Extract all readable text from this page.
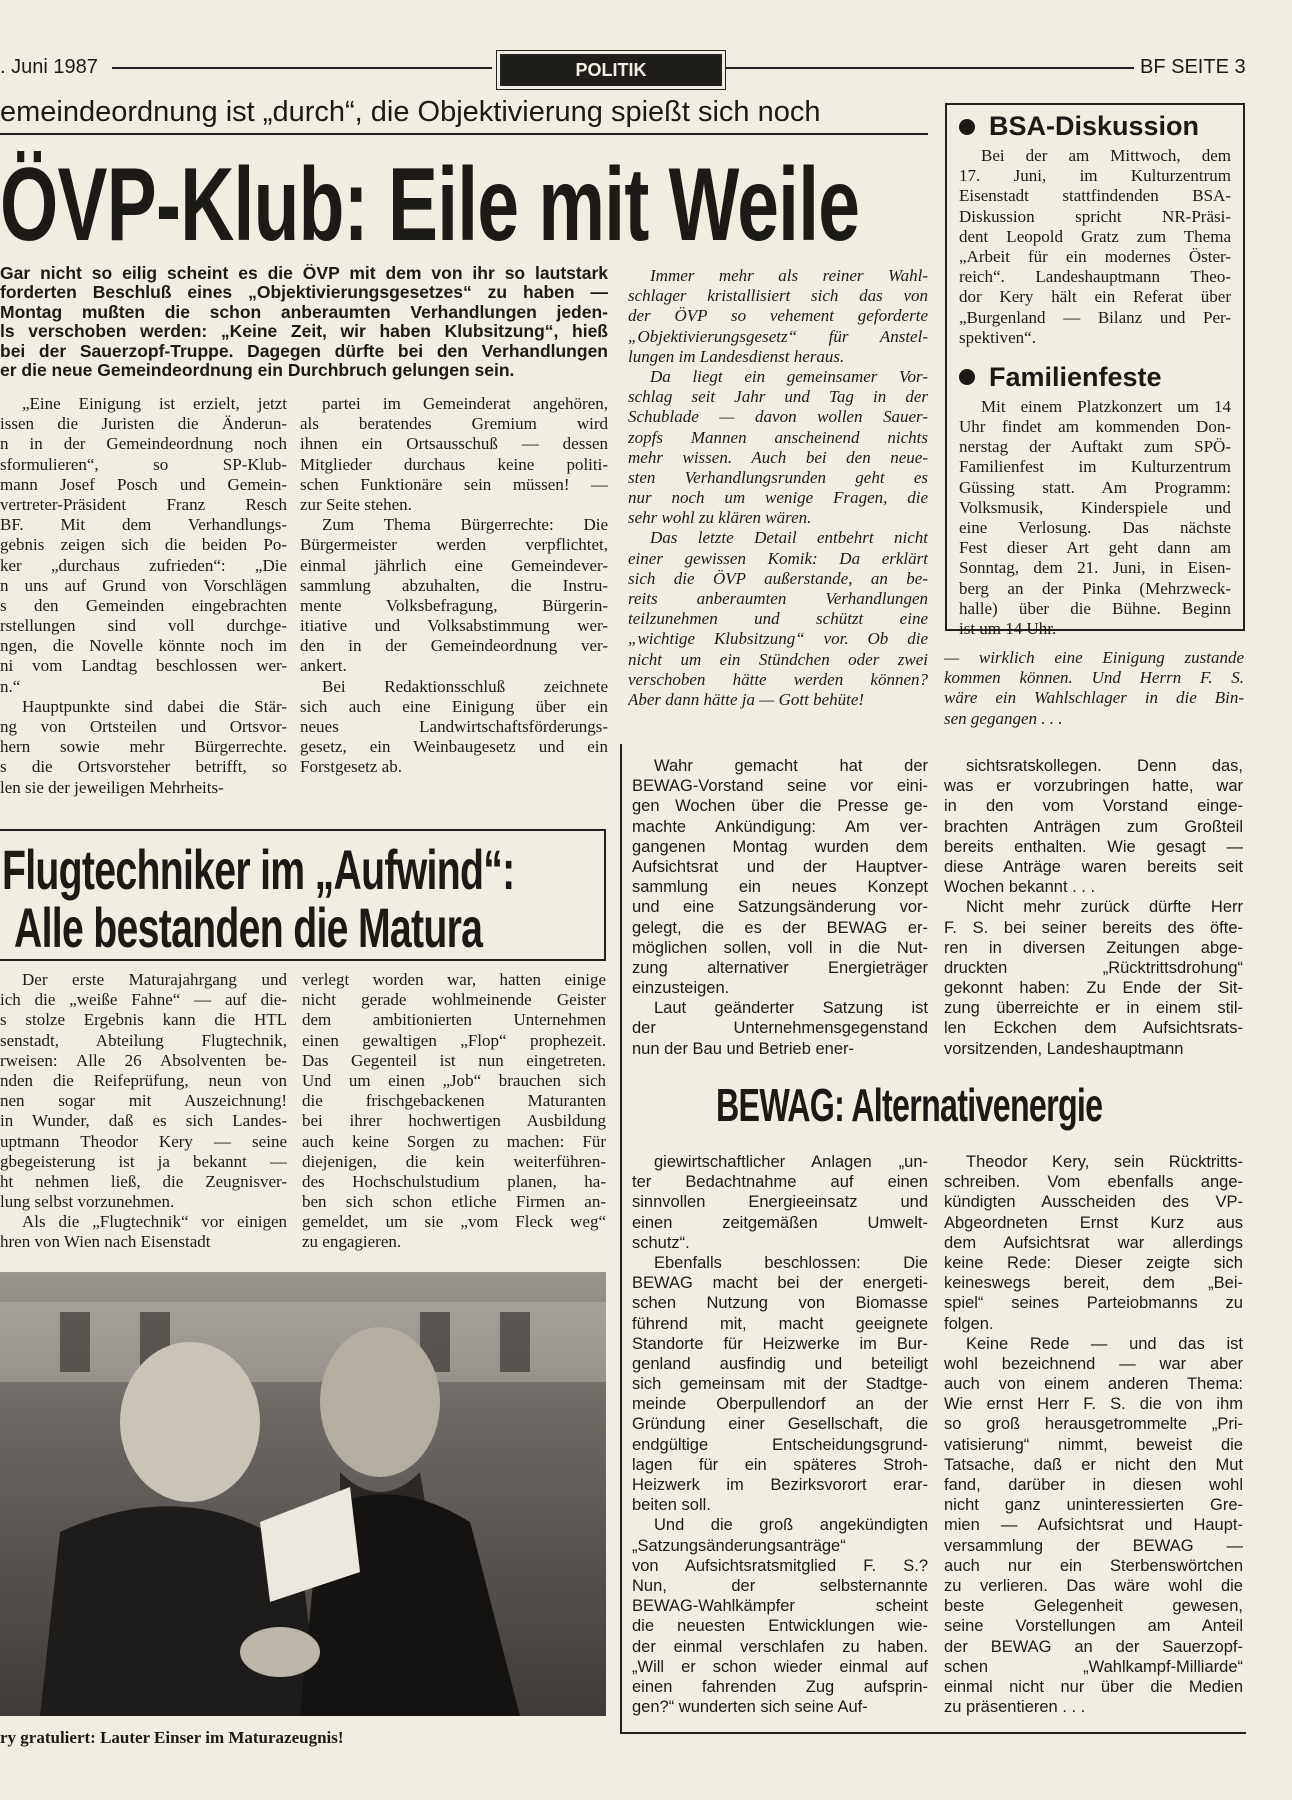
. Juni 1987	POLITIK	BF SEITE 3
emeindeordnung ist „durch“, die Objektivierung spießt sich noch
ÖVP-Klub: Eile mit Weile
Gar nicht so eilig scheint es die ÖVP mit dem von ihr so lautstark
forderten Beschluß eines „Objektivierungsgesetzes“ zu haben —
Montag mußten die schon anberaumten Verhandlungen jeden-
ls verschoben werden: „Keine Zeit, wir haben Klubsitzung“, hieß
bei der Sauerzopf-Truppe. Dagegen dürfte bei den Verhandlungen
er die neue Gemeindeordnung ein Durchbruch gelungen sein.
„Eine Einigung ist erzielt, jetzt
issen die Juristen die Änderun-
n in der Gemeindeordnung noch
sformulieren“, so SP-Klub-
mann Josef Posch und Gemein-
vertreter-Präsident Franz Resch
BF. Mit dem Verhandlungs-
gebnis zeigen sich die beiden Po-
ker „durchaus zufrieden“: „Die
n uns auf Grund von Vorschlägen
s den Gemeinden eingebrachten
rstellungen sind voll durchge-
ngen, die Novelle könnte noch im
ni vom Landtag beschlossen wer-
n.“
Hauptpunkte sind dabei die Stär-
ng von Ortsteilen und Ortsvor-
hern sowie mehr Bürgerrechte.
s die Ortsvorsteher betrifft, so
len sie der jeweiligen Mehrheits-
partei im Gemeinderat angehören,
als beratendes Gremium wird
ihnen ein Ortsausschuß — dessen
Mitglieder durchaus keine politi-
schen Funktionäre sein müssen! —
zur Seite stehen.
Zum Thema Bürgerrechte: Die
Bürgermeister werden verpflichtet,
einmal jährlich eine Gemeindever-
sammlung abzuhalten, die Instru-
mente Volksbefragung, Bürgerin-
itiative und Volksabstimmung wer-
den in der Gemeindeordnung ver-
ankert.
Bei Redaktionsschluß zeichnete
sich auch eine Einigung über ein
neues Landwirtschaftsförderungs-
gesetz, ein Weinbaugesetz und ein
Forstgesetz ab.
Immer mehr als reiner Wahl-
schlager kristallisiert sich das von
der ÖVP so vehement geforderte
„Objektivierungsgesetz“ für Anstel-
lungen im Landesdienst heraus.
Da liegt ein gemeinsamer Vor-
schlag seit Jahr und Tag in der
Schublade — davon wollen Sauer-
zopfs Mannen anscheinend nichts
mehr wissen. Auch bei den neue-
sten Verhandlungsrunden geht es
nur noch um wenige Fragen, die
sehr wohl zu klären wären.
Das letzte Detail entbehrt nicht
einer gewissen Komik: Da erklärt
sich die ÖVP außerstande, an be-
reits anberaumten Verhandlungen
teilzunehmen und schützt eine
„wichtige Klubsitzung“ vor. Ob die
nicht um ein Stündchen oder zwei
verschoben hätte werden können?
Aber dann hätte ja — Gott behüte!
BSA-Diskussion
Bei der am Mittwoch, dem
17. Juni, im Kulturzentrum
Eisenstadt stattfindenden BSA-
Diskussion spricht NR-Präsi-
dent Leopold Gratz zum Thema
„Arbeit für ein modernes Öster-
reich“. Landeshauptmann Theo-
dor Kery hält ein Referat über
„Burgenland — Bilanz und Per-
spektiven“.
Familienfeste
Mit einem Platzkonzert um 14
Uhr findet am kommenden Don-
nerstag der Auftakt zum SPÖ-
Familienfest im Kulturzentrum
Güssing statt. Am Programm:
Volksmusik, Kinderspiele und
eine Verlosung. Das nächste
Fest dieser Art geht dann am
Sonntag, dem 21. Juni, in Eisen-
berg an der Pinka (Mehrzweck-
halle) über die Bühne. Beginn
ist um 14 Uhr.
— wirklich eine Einigung zustande
kommen können. Und Herrn F. S.
wäre ein Wahlschlager in die Bin-
sen gegangen . . .
Flugtechniker im „Aufwind“:
Alle bestanden die Matura
Der erste Maturajahrgang und
ich die „weiße Fahne“ — auf die-
s stolze Ergebnis kann die HTL
senstadt, Abteilung Flugtechnik,
rweisen: Alle 26 Absolventen be-
nden die Reifeprüfung, neun von
nen sogar mit Auszeichnung!
in Wunder, daß es sich Landes-
uptmann Theodor Kery — seine
gbegeisterung ist ja bekannt —
ht nehmen ließ, die Zeugnisver-
lung selbst vorzunehmen.
Als die „Flugtechnik“ vor einigen
hren von Wien nach Eisenstadt
verlegt worden war, hatten einige
nicht gerade wohlmeinende Geister
dem ambitionierten Unternehmen
einen gewaltigen „Flop“ prophezeit.
Das Gegenteil ist nun eingetreten.
Und um einen „Job“ brauchen sich
die frischgebackenen Maturanten
bei ihrer hochwertigen Ausbildung
auch keine Sorgen zu machen: Für
diejenigen, die kein weiterführen-
des Hochschulstudium planen, ha-
ben sich schon etliche Firmen an-
gemeldet, um sie „vom Fleck weg“
zu engagieren.
ry gratuliert: Lauter Einser im Maturazeugnis!
Wahr gemacht hat der
BEWAG-Vorstand seine vor eini-
gen Wochen über die Presse ge-
machte Ankündigung: Am ver-
gangenen Montag wurden dem
Aufsichtsrat und der Hauptver-
sammlung ein neues Konzept
und eine Satzungsänderung vor-
gelegt, die es der BEWAG er-
möglichen sollen, voll in die Nut-
zung alternativer Energieträger
einzusteigen.
Laut geänderter Satzung ist
der Unternehmensgegenstand
nun der Bau und Betrieb ener-
sichtsratskollegen. Denn das,
was er vorzubringen hatte, war
in den vom Vorstand einge-
brachten Anträgen zum Großteil
bereits enthalten. Wie gesagt —
diese Anträge waren bereits seit
Wochen bekannt . . .
Nicht mehr zurück dürfte Herr
F. S. bei seiner bereits des öfte-
ren in diversen Zeitungen abge-
druckten „Rücktrittsdrohung“
gekonnt haben: Zu Ende der Sit-
zung überreichte er in einem stil-
len Eckchen dem Aufsichtsrats-
vorsitzenden, Landeshauptmann
BEWAG: Alternativenergie
giewirtschaftlicher Anlagen „un-
ter Bedachtnahme auf einen
sinnvollen Energieeinsatz und
einen zeitgemäßen Umwelt-
schutz“.
Ebenfalls beschlossen: Die
BEWAG macht bei der energeti-
schen Nutzung von Biomasse
führend mit, macht geeignete
Standorte für Heizwerke im Bur-
genland ausfindig und beteiligt
sich gemeinsam mit der Stadtge-
meinde Oberpullendorf an der
Gründung einer Gesellschaft, die
endgültige Entscheidungsgrund-
lagen für ein späteres Stroh-
Heizwerk im Bezirksvorort erar-
beiten soll.
Und die groß angekündigten
„Satzungsänderungsanträge“
von Aufsichtsratsmitglied F. S.?
Nun, der selbsternannte
BEWAG-Wahlkämpfer scheint
die neuesten Entwicklungen wie-
der einmal verschlafen zu haben.
„Will er schon wieder einmal auf
einen fahrenden Zug aufsprin-
gen?“ wunderten sich seine Auf-
Theodor Kery, sein Rücktritts-
schreiben. Vom ebenfalls ange-
kündigten Ausscheiden des VP-
Abgeordneten Ernst Kurz aus
dem Aufsichtsrat war allerdings
keine Rede: Dieser zeigte sich
keineswegs bereit, dem „Bei-
spiel“ seines Parteiobmanns zu
folgen.
Keine Rede — und das ist
wohl bezeichnend — war aber
auch von einem anderen Thema:
Wie ernst Herr F. S. die von ihm
so groß herausgetrommelte „Pri-
vatisierung“ nimmt, beweist die
Tatsache, daß er nicht den Mut
fand, darüber in diesen wohl
nicht ganz uninteressierten Gre-
mien — Aufsichtsrat und Haupt-
versammlung der BEWAG —
auch nur ein Sterbenswörtchen
zu verlieren. Das wäre wohl die
beste Gelegenheit gewesen,
seine Vorstellungen am Anteil
der BEWAG an der Sauerzopf-
schen „Wahlkampf-Milliarde“
einmal nicht nur über die Medien
zu präsentieren . . .
